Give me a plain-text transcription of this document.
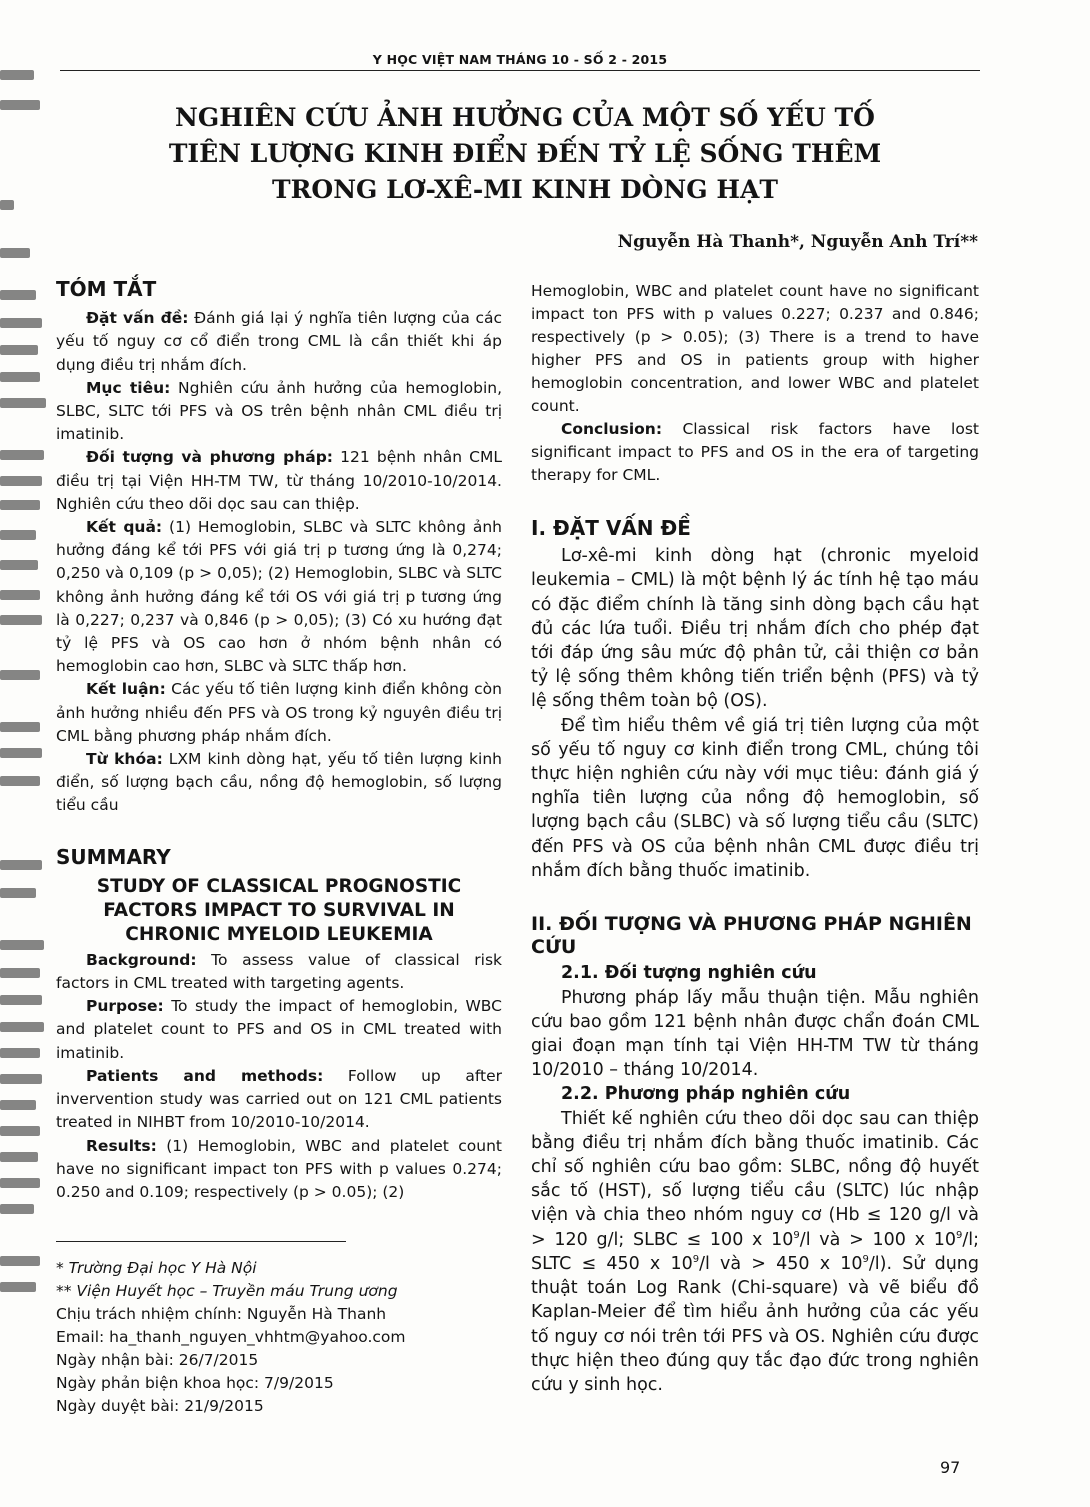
Y HỌC VIỆT NAM THÁNG 10 - SỐ 2 - 2015
NGHIÊN CỨU ẢNH HƯỞNG CỦA MỘT SỐ YẾU TỐ
TIÊN LƯỢNG KINH ĐIỂN ĐẾN TỶ LỆ SỐNG THÊM
TRONG LƠ-XÊ-MI KINH DÒNG HẠT
Nguyễn Hà Thanh*, Nguyễn Anh Trí**
TÓM TẮT

Đặt vấn đề: Đánh giá lại ý nghĩa tiên lượng của các yếu tố nguy cơ cổ điển trong CML là cần thiết khi áp dụng điều trị nhắm đích.

Mục tiêu: Nghiên cứu ảnh hưởng của hemoglobin, SLBC, SLTC tới PFS và OS trên bệnh nhân CML điều trị imatinib.

Đối tượng và phương pháp: 121 bệnh nhân CML điều trị tại Viện HH-TM TW, từ tháng 10/2010-10/2014. Nghiên cứu theo dõi dọc sau can thiệp.

Kết quả: (1) Hemoglobin, SLBC và SLTC không ảnh hưởng đáng kể tới PFS với giá trị p tương ứng là 0,274; 0,250 và 0,109 (p > 0,05); (2) Hemoglobin, SLBC và SLTC không ảnh hưởng đáng kể tới OS với giá trị p tương ứng là 0,227; 0,237 và 0,846 (p > 0,05); (3) Có xu hướng đạt tỷ lệ PFS và OS cao hơn ở nhóm bệnh nhân có hemoglobin cao hơn, SLBC và SLTC thấp hơn.

Kết luận: Các yếu tố tiên lượng kinh điển không còn ảnh hưởng nhiều đến PFS và OS trong kỷ nguyên điều trị CML bằng phương pháp nhắm đích.

Từ khóa: LXM kinh dòng hạt, yếu tố tiên lượng kinh điển, số lượng bạch cầu, nồng độ hemoglobin, số lượng tiểu cầu

SUMMARY
STUDY OF CLASSICAL PROGNOSTIC
FACTORS IMPACT TO SURVIVAL IN
CHRONIC MYELOID LEUKEMIA

Background: To assess value of classical risk factors in CML treated with targeting agents.

Purpose: To study the impact of hemoglobin, WBC and platelet count to PFS and OS in CML treated with imatinib.

Patients and methods: Follow up after invervention study was carried out on 121 CML patients treated in NIHBT from 10/2010-10/2014.

Results: (1) Hemoglobin, WBC and platelet count have no significant impact ton PFS with p values 0.274; 0.250 and 0.109; respectively (p > 0.05); (2)

* Trường Đại học Y Hà Nội
** Viện Huyết học – Truyền máu Trung ương
Chịu trách nhiệm chính: Nguyễn Hà Thanh
Email: ha_thanh_nguyen_vhhtm@yahoo.com
Ngày nhận bài: 26/7/2015
Ngày phản biện khoa học: 7/9/2015
Ngày duyệt bài: 21/9/2015

Hemoglobin, WBC and platelet count have no significant impact ton PFS with p values 0.227; 0.237 and 0.846; respectively (p > 0.05); (3) There is a trend to have higher PFS and OS in patients group with higher hemoglobin concentration, and lower WBC and platelet count.

Conclusion: Classical risk factors have lost significant impact to PFS and OS in the era of targeting therapy for CML.

I. ĐẶT VẤN ĐỀ

Lơ-xê-mi kinh dòng hạt (chronic myeloid leukemia – CML) là một bệnh lý ác tính hệ tạo máu có đặc điểm chính là tăng sinh dòng bạch cầu hạt đủ các lứa tuổi. Điều trị nhắm đích cho phép đạt tới đáp ứng sâu mức độ phân tử, cải thiện cơ bản tỷ lệ sống thêm không tiến triển bệnh (PFS) và tỷ lệ sống thêm toàn bộ (OS).

Để tìm hiểu thêm về giá trị tiên lượng của một số yếu tố nguy cơ kinh điển trong CML, chúng tôi thực hiện nghiên cứu này với mục tiêu: đánh giá ý nghĩa tiên lượng của nồng độ hemoglobin, số lượng bạch cầu (SLBC) và số lượng tiểu cầu (SLTC) đến PFS và OS của bệnh nhân CML được điều trị nhắm đích bằng thuốc imatinib.

II. ĐỐI TƯỢNG VÀ PHƯƠNG PHÁP NGHIÊN CỨU
2.1. Đối tượng nghiên cứu

Phương pháp lấy mẫu thuận tiện. Mẫu nghiên cứu bao gồm 121 bệnh nhân được chẩn đoán CML giai đoạn mạn tính tại Viện HH-TM TW từ tháng 10/2010 – tháng 10/2014.

2.2. Phương pháp nghiên cứu

Thiết kế nghiên cứu theo dõi dọc sau can thiệp bằng điều trị nhắm đích bằng thuốc imatinib. Các chỉ số nghiên cứu bao gồm: SLBC, nồng độ huyết sắc tố (HST), số lượng tiểu cầu (SLTC) lúc nhập viện và chia theo nhóm nguy cơ (Hb ≤ 120 g/l và > 120 g/l; SLBC ≤ 100 x $10^9/l$ và > 100 x $10^9/l$; SLTC ≤ 450 x $10^9/l$ và > 450 x $10^9/l$). Sử dụng thuật toán Log Rank (Chi-square) và vẽ biểu đồ Kaplan-Meier để tìm hiểu ảnh hưởng của các yếu tố nguy cơ nói trên tới PFS và OS. Nghiên cứu được thực hiện theo đúng quy tắc đạo đức trong nghiên cứu y sinh học.

97
